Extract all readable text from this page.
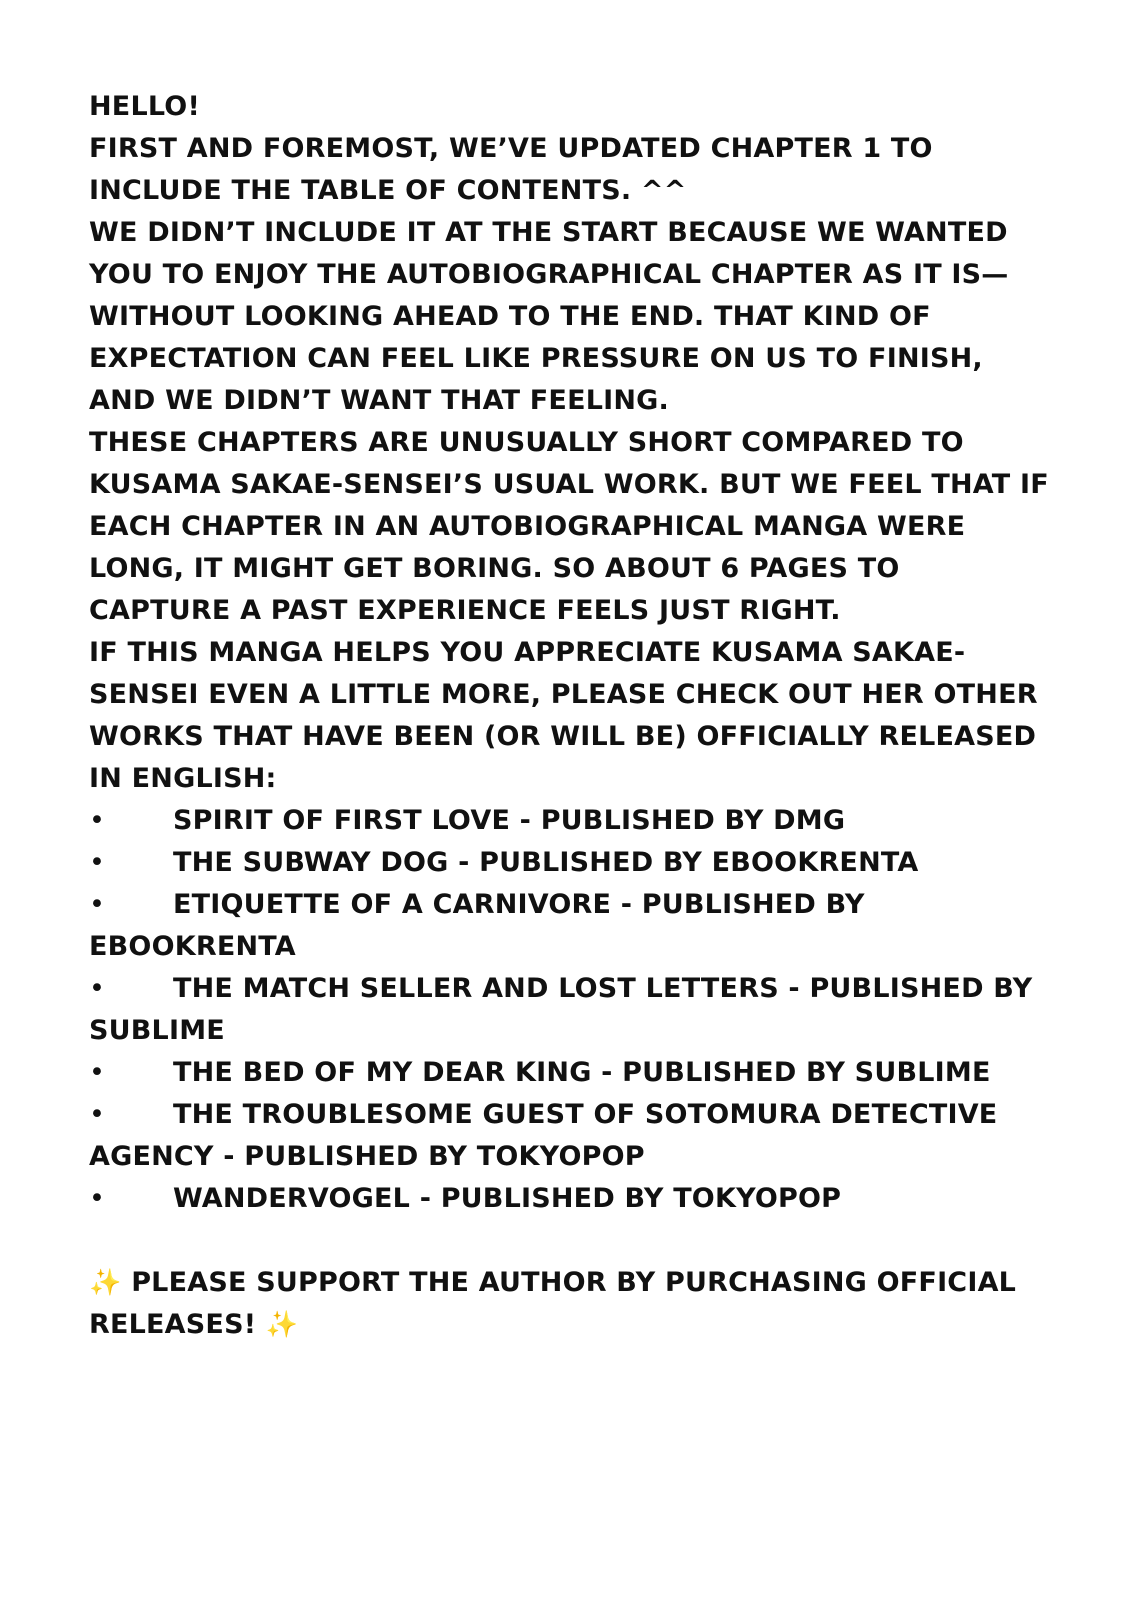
HELLO!

FIRST AND FOREMOST, WE’VE UPDATED CHAPTER 1 TO INCLUDE THE TABLE OF CONTENTS. ^^

WE DIDN’T INCLUDE IT AT THE START BECAUSE WE WANTED YOU TO ENJOY THE AUTOBIOGRAPHICAL CHAPTER AS IT IS—WITHOUT LOOKING AHEAD TO THE END. THAT KIND OF EXPECTATION CAN FEEL LIKE PRESSURE ON US TO FINISH, AND WE DIDN’T WANT THAT FEELING.

THESE CHAPTERS ARE UNUSUALLY SHORT COMPARED TO KUSAMA SAKAE-SENSEI’S USUAL WORK. BUT WE FEEL THAT IF EACH CHAPTER IN AN AUTOBIOGRAPHICAL MANGA WERE LONG, IT MIGHT GET BORING. SO ABOUT 6 PAGES TO CAPTURE A PAST EXPERIENCE FEELS JUST RIGHT.

IF THIS MANGA HELPS YOU APPRECIATE KUSAMA SAKAE-SENSEI EVEN A LITTLE MORE, PLEASE CHECK OUT HER OTHER WORKS THAT HAVE BEEN (OR WILL BE) OFFICIALLY RELEASED IN ENGLISH:

•	SPIRIT OF FIRST LOVE - PUBLISHED BY DMG
•	THE SUBWAY DOG - PUBLISHED BY EBOOKRENTA
•	ETIQUETTE OF A CARNIVORE - PUBLISHED BY EBOOKRENTA
•	THE MATCH SELLER AND LOST LETTERS - PUBLISHED BY SUBLIME
•	THE BED OF MY DEAR KING - PUBLISHED BY SUBLIME
•	THE TROUBLESOME GUEST OF SOTOMURA DETECTIVE AGENCY - PUBLISHED BY TOKYOPOP
•	WANDERVOGEL - PUBLISHED BY TOKYOPOP

✨ PLEASE SUPPORT THE AUTHOR BY PURCHASING OFFICIAL RELEASES! ✨
